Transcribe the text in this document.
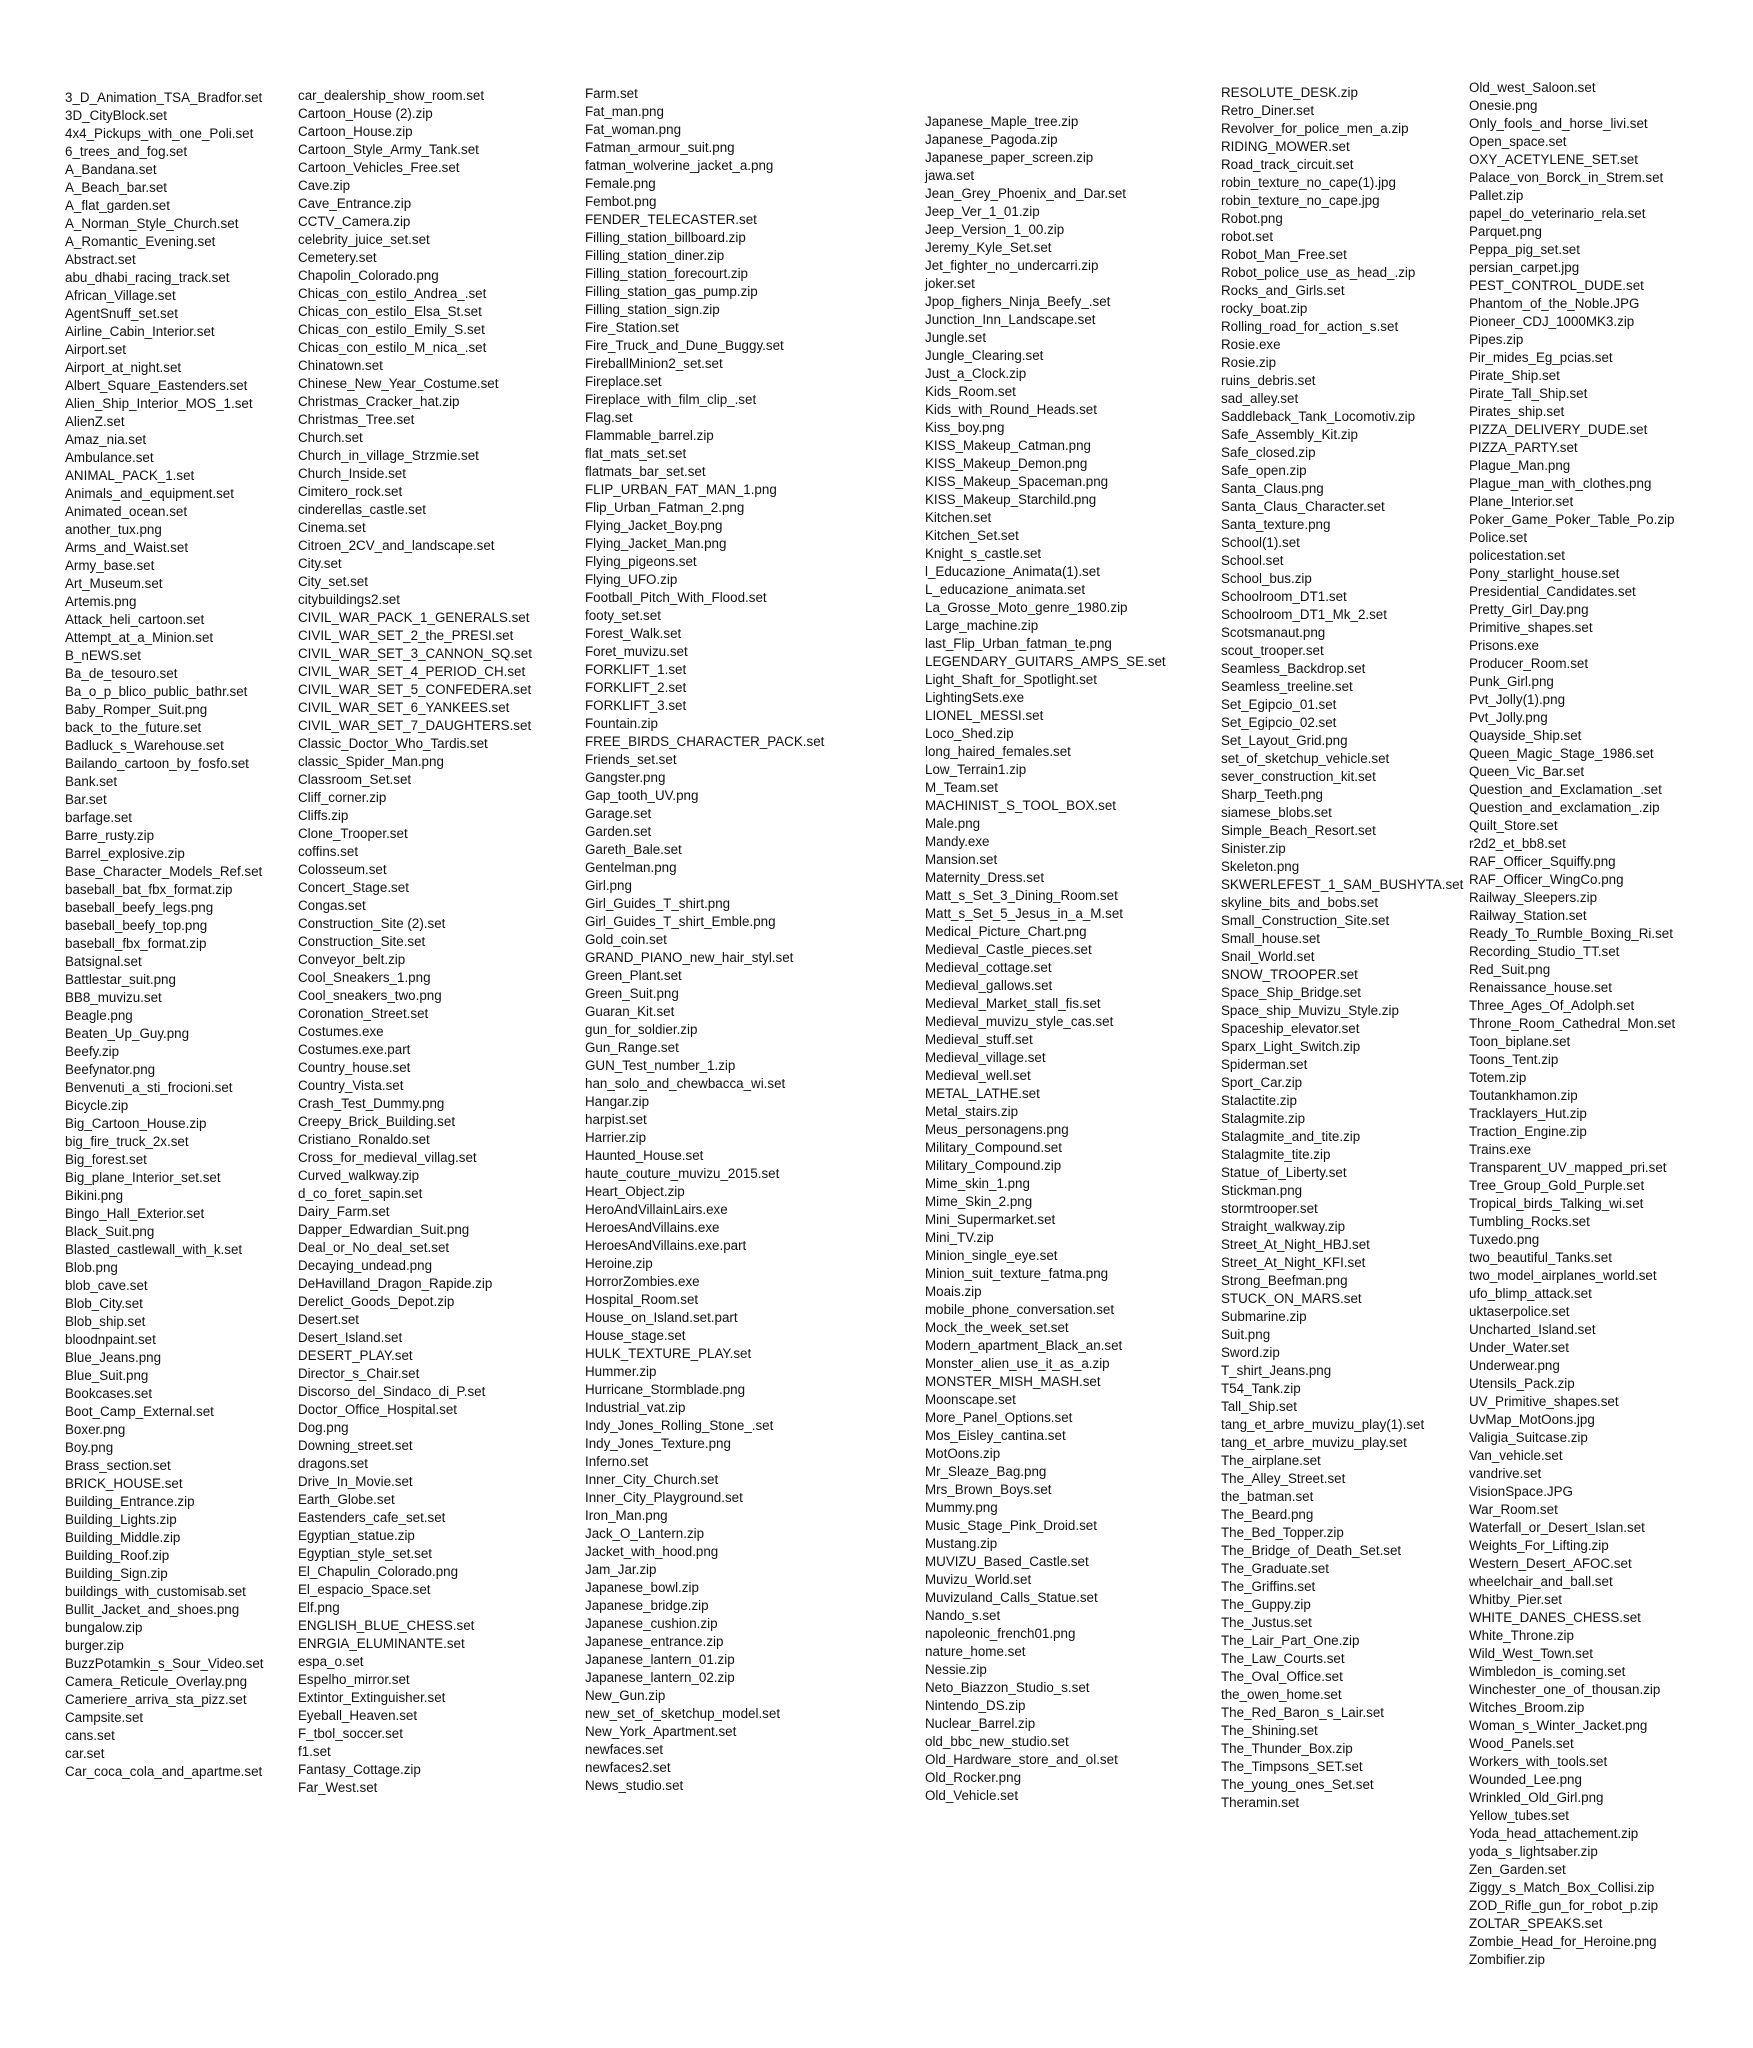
3_D_Animation_TSA_Bradfor.set
3D_CityBlock.set
4x4_Pickups_with_one_Poli.set
6_trees_and_fog.set
A_Bandana.set
A_Beach_bar.set
A_flat_garden.set
A_Norman_Style_Church.set
A_Romantic_Evening.set
Abstract.set
abu_dhabi_racing_track.set
African_Village.set
AgentSnuff_set.set
Airline_Cabin_Interior.set
Airport.set
Airport_at_night.set
Albert_Square_Eastenders.set
Alien_Ship_Interior_MOS_1.set
AlienZ.set
Amaz_nia.set
Ambulance.set
ANIMAL_PACK_1.set
Animals_and_equipment.set
Animated_ocean.set
another_tux.png
Arms_and_Waist.set
Army_base.set
Art_Museum.set
Artemis.png
Attack_heli_cartoon.set
Attempt_at_a_Minion.set
B_nEWS.set
Ba_de_tesouro.set
Ba_o_p_blico_public_bathr.set
Baby_Romper_Suit.png
back_to_the_future.set
Badluck_s_Warehouse.set
Bailando_cartoon_by_fosfo.set
Bank.set
Bar.set
barfage.set
Barre_rusty.zip
Barrel_explosive.zip
Base_Character_Models_Ref.set
baseball_bat_fbx_format.zip
baseball_beefy_legs.png
baseball_beefy_top.png
baseball_fbx_format.zip
Batsignal.set
Battlestar_suit.png
BB8_muvizu.set
Beagle.png
Beaten_Up_Guy.png
Beefy.zip
Beefynator.png
Benvenuti_a_sti_frocioni.set
Bicycle.zip
Big_Cartoon_House.zip
big_fire_truck_2x.set
Big_forest.set
Big_plane_Interior_set.set
Bikini.png
Bingo_Hall_Exterior.set
Black_Suit.png
Blasted_castlewall_with_k.set
Blob.png
blob_cave.set
Blob_City.set
Blob_ship.set
bloodnpaint.set
Blue_Jeans.png
Blue_Suit.png
Bookcases.set
Boot_Camp_External.set
Boxer.png
Boy.png
Brass_section.set
BRICK_HOUSE.set
Building_Entrance.zip
Building_Lights.zip
Building_Middle.zip
Building_Roof.zip
Building_Sign.zip
buildings_with_customisab.set
Bullit_Jacket_and_shoes.png
bungalow.zip
burger.zip
BuzzPotamkin_s_Sour_Video.set
Camera_Reticule_Overlay.png
Cameriere_arriva_sta_pizz.set
Campsite.set
cans.set
car.set
Car_coca_cola_and_apartme.set
car_dealership_show_room.set
Cartoon_House (2).zip
Cartoon_House.zip
Cartoon_Style_Army_Tank.set
Cartoon_Vehicles_Free.set
Cave.zip
Cave_Entrance.zip
CCTV_Camera.zip
celebrity_juice_set.set
Cemetery.set
Chapolin_Colorado.png
Chicas_con_estilo_Andrea_.set
Chicas_con_estilo_Elsa_St.set
Chicas_con_estilo_Emily_S.set
Chicas_con_estilo_M_nica_.set
Chinatown.set
Chinese_New_Year_Costume.set
Christmas_Cracker_hat.zip
Christmas_Tree.set
Church.set
Church_in_village_Strzmie.set
Church_Inside.set
Cimitero_rock.set
cinderellas_castle.set
Cinema.set
Citroen_2CV_and_landscape.set
City.set
City_set.set
citybuildings2.set
CIVIL_WAR_PACK_1_GENERALS.set
CIVIL_WAR_SET_2_the_PRESI.set
CIVIL_WAR_SET_3_CANNON_SQ.set
CIVIL_WAR_SET_4_PERIOD_CH.set
CIVIL_WAR_SET_5_CONFEDERA.set
CIVIL_WAR_SET_6_YANKEES.set
CIVIL_WAR_SET_7_DAUGHTERS.set
Classic_Doctor_Who_Tardis.set
classic_Spider_Man.png
Classroom_Set.set
Cliff_corner.zip
Cliffs.zip
Clone_Trooper.set
coffins.set
Colosseum.set
Concert_Stage.set
Congas.set
Construction_Site (2).set
Construction_Site.set
Conveyor_belt.zip
Cool_Sneakers_1.png
Cool_sneakers_two.png
Coronation_Street.set
Costumes.exe
Costumes.exe.part
Country_house.set
Country_Vista.set
Crash_Test_Dummy.png
Creepy_Brick_Building.set
Cristiano_Ronaldo.set
Cross_for_medieval_villag.set
Curved_walkway.zip
d_co_foret_sapin.set
Dairy_Farm.set
Dapper_Edwardian_Suit.png
Deal_or_No_deal_set.set
Decaying_undead.png
DeHavilland_Dragon_Rapide.zip
Derelict_Goods_Depot.zip
Desert.set
Desert_Island.set
DESERT_PLAY.set
Director_s_Chair.set
Discorso_del_Sindaco_di_P.set
Doctor_Office_Hospital.set
Dog.png
Downing_street.set
dragons.set
Drive_In_Movie.set
Earth_Globe.set
Eastenders_cafe_set.set
Egyptian_statue.zip
Egyptian_style_set.set
El_Chapulin_Colorado.png
El_espacio_Space.set
Elf.png
ENGLISH_BLUE_CHESS.set
ENRGIA_ELUMINANTE.set
espa_o.set
Espelho_mirror.set
Extintor_Extinguisher.set
Eyeball_Heaven.set
F_tbol_soccer.set
f1.set
Fantasy_Cottage.zip
Far_West.set
Farm.set
Fat_man.png
Fat_woman.png
Fatman_armour_suit.png
fatman_wolverine_jacket_a.png
Female.png
Fembot.png
FENDER_TELECASTER.set
Filling_station_billboard.zip
Filling_station_diner.zip
Filling_station_forecourt.zip
Filling_station_gas_pump.zip
Filling_station_sign.zip
Fire_Station.set
Fire_Truck_and_Dune_Buggy.set
FireballMinion2_set.set
Fireplace.set
Fireplace_with_film_clip_.set
Flag.set
Flammable_barrel.zip
flat_mats_set.set
flatmats_bar_set.set
FLIP_URBAN_FAT_MAN_1.png
Flip_Urban_Fatman_2.png
Flying_Jacket_Boy.png
Flying_Jacket_Man.png
Flying_pigeons.set
Flying_UFO.zip
Football_Pitch_With_Flood.set
footy_set.set
Forest_Walk.set
Foret_muvizu.set
FORKLIFT_1.set
FORKLIFT_2.set
FORKLIFT_3.set
Fountain.zip
FREE_BIRDS_CHARACTER_PACK.set
Friends_set.set
Gangster.png
Gap_tooth_UV.png
Garage.set
Garden.set
Gareth_Bale.set
Gentelman.png
Girl.png
Girl_Guides_T_shirt.png
Girl_Guides_T_shirt_Emble.png
Gold_coin.set
GRAND_PIANO_new_hair_styl.set
Green_Plant.set
Green_Suit.png
Guaran_Kit.set
gun_for_soldier.zip
Gun_Range.set
GUN_Test_number_1.zip
han_solo_and_chewbacca_wi.set
Hangar.zip
harpist.set
Harrier.zip
Haunted_House.set
haute_couture_muvizu_2015.set
Heart_Object.zip
HeroAndVillainLairs.exe
HeroesAndVillains.exe
HeroesAndVillains.exe.part
Heroine.zip
HorrorZombies.exe
Hospital_Room.set
House_on_Island.set.part
House_stage.set
HULK_TEXTURE_PLAY.set
Hummer.zip
Hurricane_Stormblade.png
Industrial_vat.zip
Indy_Jones_Rolling_Stone_.set
Indy_Jones_Texture.png
Inferno.set
Inner_City_Church.set
Inner_City_Playground.set
Iron_Man.png
Jack_O_Lantern.zip
Jacket_with_hood.png
Jam_Jar.zip
Japanese_bowl.zip
Japanese_bridge.zip
Japanese_cushion.zip
Japanese_entrance.zip
Japanese_lantern_01.zip
Japanese_lantern_02.zip
New_Gun.zip
new_set_of_sketchup_model.set
New_York_Apartment.set
newfaces.set
newfaces2.set
News_studio.set
Japanese_Maple_tree.zip
Japanese_Pagoda.zip
Japanese_paper_screen.zip
jawa.set
Jean_Grey_Phoenix_and_Dar.set
Jeep_Ver_1_01.zip
Jeep_Version_1_00.zip
Jeremy_Kyle_Set.set
Jet_fighter_no_undercarri.zip
joker.set
Jpop_fighers_Ninja_Beefy_.set
Junction_Inn_Landscape.set
Jungle.set
Jungle_Clearing.set
Just_a_Clock.zip
Kids_Room.set
Kids_with_Round_Heads.set
Kiss_boy.png
KISS_Makeup_Catman.png
KISS_Makeup_Demon.png
KISS_Makeup_Spaceman.png
KISS_Makeup_Starchild.png
Kitchen.set
Kitchen_Set.set
Knight_s_castle.set
l_Educazione_Animata(1).set
L_educazione_animata.set
La_Grosse_Moto_genre_1980.zip
Large_machine.zip
last_Flip_Urban_fatman_te.png
LEGENDARY_GUITARS_AMPS_SE.set
Light_Shaft_for_Spotlight.set
LightingSets.exe
LIONEL_MESSI.set
Loco_Shed.zip
long_haired_females.set
Low_Terrain1.zip
M_Team.set
MACHINIST_S_TOOL_BOX.set
Male.png
Mandy.exe
Mansion.set
Maternity_Dress.set
Matt_s_Set_3_Dining_Room.set
Matt_s_Set_5_Jesus_in_a_M.set
Medical_Picture_Chart.png
Medieval_Castle_pieces.set
Medieval_cottage.set
Medieval_gallows.set
Medieval_Market_stall_fis.set
Medieval_muvizu_style_cas.set
Medieval_stuff.set
Medieval_village.set
Medieval_well.set
METAL_LATHE.set
Metal_stairs.zip
Meus_personagens.png
Military_Compound.set
Military_Compound.zip
Mime_skin_1.png
Mime_Skin_2.png
Mini_Supermarket.set
Mini_TV.zip
Minion_single_eye.set
Minion_suit_texture_fatma.png
Moais.zip
mobile_phone_conversation.set
Mock_the_week_set.set
Modern_apartment_Black_an.set
Monster_alien_use_it_as_a.zip
MONSTER_MISH_MASH.set
Moonscape.set
More_Panel_Options.set
Mos_Eisley_cantina.set
MotOons.zip
Mr_Sleaze_Bag.png
Mrs_Brown_Boys.set
Mummy.png
Music_Stage_Pink_Droid.set
Mustang.zip
MUVIZU_Based_Castle.set
Muvizu_World.set
Muvizuland_Calls_Statue.set
Nando_s.set
napoleonic_french01.png
nature_home.set
Nessie.zip
Neto_Biazzon_Studio_s.set
Nintendo_DS.zip
Nuclear_Barrel.zip
old_bbc_new_studio.set
Old_Hardware_store_and_ol.set
Old_Rocker.png
Old_Vehicle.set
RESOLUTE_DESK.zip
Retro_Diner.set
Revolver_for_police_men_a.zip
RIDING_MOWER.set
Road_track_circuit.set
robin_texture_no_cape(1).jpg
robin_texture_no_cape.jpg
Robot.png
robot.set
Robot_Man_Free.set
Robot_police_use_as_head_.zip
Rocks_and_Girls.set
rocky_boat.zip
Rolling_road_for_action_s.set
Rosie.exe
Rosie.zip
ruins_debris.set
sad_alley.set
Saddleback_Tank_Locomotiv.zip
Safe_Assembly_Kit.zip
Safe_closed.zip
Safe_open.zip
Santa_Claus.png
Santa_Claus_Character.set
Santa_texture.png
School(1).set
School.set
School_bus.zip
Schoolroom_DT1.set
Schoolroom_DT1_Mk_2.set
Scotsmanaut.png
scout_trooper.set
Seamless_Backdrop.set
Seamless_treeline.set
Set_Egipcio_01.set
Set_Egipcio_02.set
Set_Layout_Grid.png
set_of_sketchup_vehicle.set
sever_construction_kit.set
Sharp_Teeth.png
siamese_blobs.set
Simple_Beach_Resort.set
Sinister.zip
Skeleton.png
SKWERLEFEST_1_SAM_BUSHYTA.set
skyline_bits_and_bobs.set
Small_Construction_Site.set
Small_house.set
Snail_World.set
SNOW_TROOPER.set
Space_Ship_Bridge.set
Space_ship_Muvizu_Style.zip
Spaceship_elevator.set
Sparx_Light_Switch.zip
Spiderman.set
Sport_Car.zip
Stalactite.zip
Stalagmite.zip
Stalagmite_and_tite.zip
Stalagmite_tite.zip
Statue_of_Liberty.set
Stickman.png
stormtrooper.set
Straight_walkway.zip
Street_At_Night_HBJ.set
Street_At_Night_KFI.set
Strong_Beefman.png
STUCK_ON_MARS.set
Submarine.zip
Suit.png
Sword.zip
T_shirt_Jeans.png
T54_Tank.zip
Tall_Ship.set
tang_et_arbre_muvizu_play(1).set
tang_et_arbre_muvizu_play.set
The_airplane.set
The_Alley_Street.set
the_batman.set
The_Beard.png
The_Bed_Topper.zip
The_Bridge_of_Death_Set.set
The_Graduate.set
The_Griffins.set
The_Guppy.zip
The_Justus.set
The_Lair_Part_One.zip
The_Law_Courts.set
The_Oval_Office.set
the_owen_home.set
The_Red_Baron_s_Lair.set
The_Shining.set
The_Thunder_Box.zip
The_Timpsons_SET.set
The_young_ones_Set.set
Theramin.set
Old_west_Saloon.set
Onesie.png
Only_fools_and_horse_livi.set
Open_space.set
OXY_ACETYLENE_SET.set
Palace_von_Borck_in_Strem.set
Pallet.zip
papel_do_veterinario_rela.set
Parquet.png
Peppa_pig_set.set
persian_carpet.jpg
PEST_CONTROL_DUDE.set
Phantom_of_the_Noble.JPG
Pioneer_CDJ_1000MK3.zip
Pipes.zip
Pir_mides_Eg_pcias.set
Pirate_Ship.set
Pirate_Tall_Ship.set
Pirates_ship.set
PIZZA_DELIVERY_DUDE.set
PIZZA_PARTY.set
Plague_Man.png
Plague_man_with_clothes.png
Plane_Interior.set
Poker_Game_Poker_Table_Po.zip
Police.set
policestation.set
Pony_starlight_house.set
Presidential_Candidates.set
Pretty_Girl_Day.png
Primitive_shapes.set
Prisons.exe
Producer_Room.set
Punk_Girl.png
Pvt_Jolly(1).png
Pvt_Jolly.png
Quayside_Ship.set
Queen_Magic_Stage_1986.set
Queen_Vic_Bar.set
Question_and_Exclamation_.set
Question_and_exclamation_.zip
Quilt_Store.set
r2d2_et_bb8.set
RAF_Officer_Squiffy.png
RAF_Officer_WingCo.png
Railway_Sleepers.zip
Railway_Station.set
Ready_To_Rumble_Boxing_Ri.set
Recording_Studio_TT.set
Red_Suit.png
Renaissance_house.set
Three_Ages_Of_Adolph.set
Throne_Room_Cathedral_Mon.set
Toon_biplane.set
Toons_Tent.zip
Totem.zip
Toutankhamon.zip
Tracklayers_Hut.zip
Traction_Engine.zip
Trains.exe
Transparent_UV_mapped_pri.set
Tree_Group_Gold_Purple.set
Tropical_birds_Talking_wi.set
Tumbling_Rocks.set
Tuxedo.png
two_beautiful_Tanks.set
two_model_airplanes_world.set
ufo_blimp_attack.set
uktaserpolice.set
Uncharted_Island.set
Under_Water.set
Underwear.png
Utensils_Pack.zip
UV_Primitive_shapes.set
UvMap_MotOons.jpg
Valigia_Suitcase.zip
Van_vehicle.set
vandrive.set
VisionSpace.JPG
War_Room.set
Waterfall_or_Desert_Islan.set
Weights_For_Lifting.zip
Western_Desert_AFOC.set
wheelchair_and_ball.set
Whitby_Pier.set
WHITE_DANES_CHESS.set
White_Throne.zip
Wild_West_Town.set
Wimbledon_is_coming.set
Winchester_one_of_thousan.zip
Witches_Broom.zip
Woman_s_Winter_Jacket.png
Wood_Panels.set
Workers_with_tools.set
Wounded_Lee.png
Wrinkled_Old_Girl.png
Yellow_tubes.set
Yoda_head_attachement.zip
yoda_s_lightsaber.zip
Zen_Garden.set
Ziggy_s_Match_Box_Collisi.zip
ZOD_Rifle_gun_for_robot_p.zip
ZOLTAR_SPEAKS.set
Zombie_Head_for_Heroine.png
Zombifier.zip
